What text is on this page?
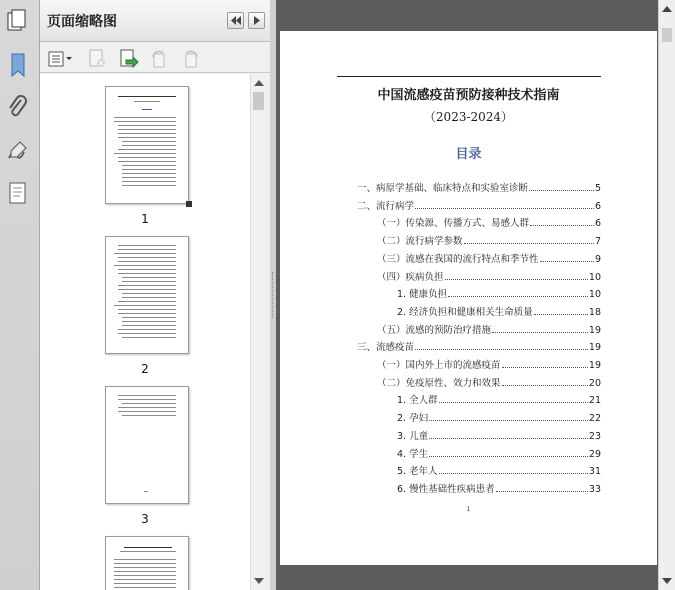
页面缩略图
1
2
3
中国流感疫苗预防接种技术指南
（2023-2024）
目录
一、病原学基础、临床特点和实验室诊断	5
二、流行病学	6
（一）传染源、传播方式、易感人群	6
（二）流行病学参数	7
（三）流感在我国的流行特点和季节性	9
（四）疾病负担	10
1. 健康负担	10
2. 经济负担和健康相关生命质量	18
（五）流感的预防治疗措施	19
三、流感疫苗	19
（一）国内外上市的流感疫苗	19
（二）免疫原性、效力和效果	20
1. 全人群	21
2. 孕妇	22
3. 儿童	23
4. 学生	29
5. 老年人	31
6. 慢性基础性疾病患者	33
1
